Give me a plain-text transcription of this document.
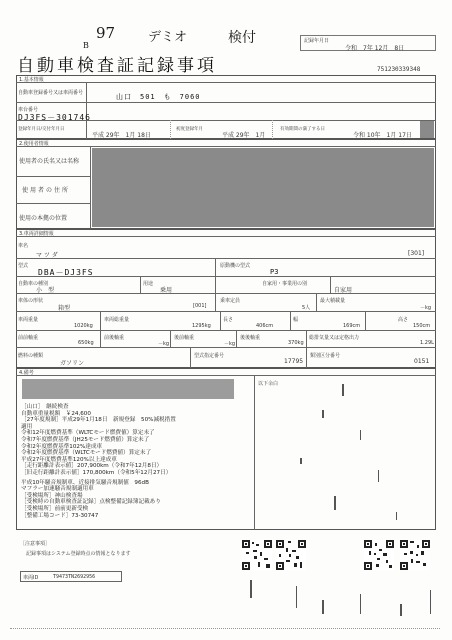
B
97	デミオ	検付	記録年月日
令和　7年 12月　8日
自動車検査証記録事項	751230339348
1.基本情報
自動車登録番号又は車両番号	山口　501　も　7060
車台番号
DJ3FS－301746
登録年月日/交付年月日
平成 29年　1月 18日
初度登録年月
平成 29年　1月
有効期間の満了する日
令和 10年　1月 17日
2.使用者情報
使用者の氏名又は名称
使用者の住所
使用の本拠の位置
3.車両詳細情報
車名
マツダ	[301]
型式
DBA－DJ3FS
原動機の型式
P3
自動車の種別
小　型
用途
乗用
自家用・事業用の別
自家用
車体の形状
箱型	[001]
乗車定員
5人
最大積載量
－kg
車両重量
1020kg
車両総重量
1295kg
長さ
406cm
幅
169cm
高さ
150cm
前前軸重
650kg
前後軸重
－kg
後前軸重
－kg
後後軸重
370kg
総排気量又は定格出力
1.29L
燃料の種類
ガソリン
型式指定番号
17795
類別区分番号
0151
4.備考
以下余白
［山口］　継続検査
自動車重量税額　￥24,600
［27年度規制］平成29年1月18日　新規登録　50%減税措置
適用
令和12年度燃費基準（WLTCモード燃費値）算定未了
令和7年度燃費基準（JH25モード燃費値）算定未了
令和2年度燃費基準102%達成車
令和2年度燃費基準（WLTCモード燃費値）算定未了
平成27年度燃費基準120%以上達成車
［走行距離計表示値］207,900km（令和7年12月8日）
［旧走行距離計表示値］170,800km（令和5年12月27日）
平成10年騒音規制車、近接排気騒音規制値　96dB
マフラー加速騒音規制適用車
［受検場所］神山検査場
［受検時の自動車検査証記録］点検整備記録簿記載あり
［受検場所］前前更新受検
［整備工場コード］73-30747
［注意事項］
記録事項はシステム登録時点の情報となります
車両ID	T9473TN2692956
